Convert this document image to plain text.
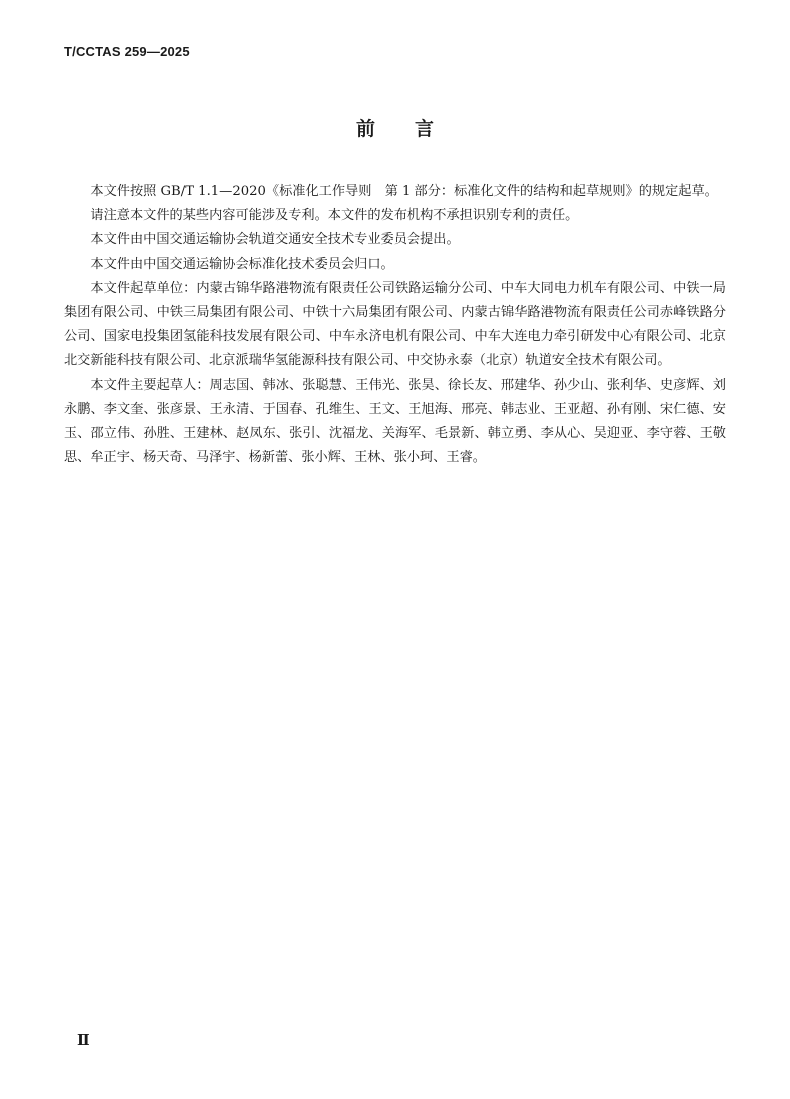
T/CCTAS 259—2025
前言

本文件按照 GB/T 1.1—2020《标准化工作导则　第 1 部分：标准化文件的结构和起草规则》的规定起草。

请注意本文件的某些内容可能涉及专利。本文件的发布机构不承担识别专利的责任。

本文件由中国交通运输协会轨道交通安全技术专业委员会提出。

本文件由中国交通运输协会标准化技术委员会归口。

本文件起草单位：内蒙古锦华路港物流有限责任公司铁路运输分公司、中车大同电力机车有限公司、中铁一局集团有限公司、中铁三局集团有限公司、中铁十六局集团有限公司、内蒙古锦华路港物流有限责任公司赤峰铁路分公司、国家电投集团氢能科技发展有限公司、中车永济电机有限公司、中车大连电力牵引研发中心有限公司、北京北交新能科技有限公司、北京派瑞华氢能源科技有限公司、中交协永泰（北京）轨道安全技术有限公司。

本文件主要起草人：周志国、韩冰、张聪慧、王伟光、张昊、徐长友、邢建华、孙少山、张利华、史彦辉、刘永鹏、李文奎、张彦景、王永清、于国春、孔维生、王文、王旭海、邢亮、韩志业、王亚超、孙有刚、宋仁德、安玉、邵立伟、孙胜、王建林、赵凤东、张引、沈福龙、关海军、毛景新、韩立勇、李从心、吴迎亚、李守蓉、王敬思、牟正宇、杨天奇、马泽宇、杨新蕾、张小辉、王林、张小珂、王睿。

Ⅱ
